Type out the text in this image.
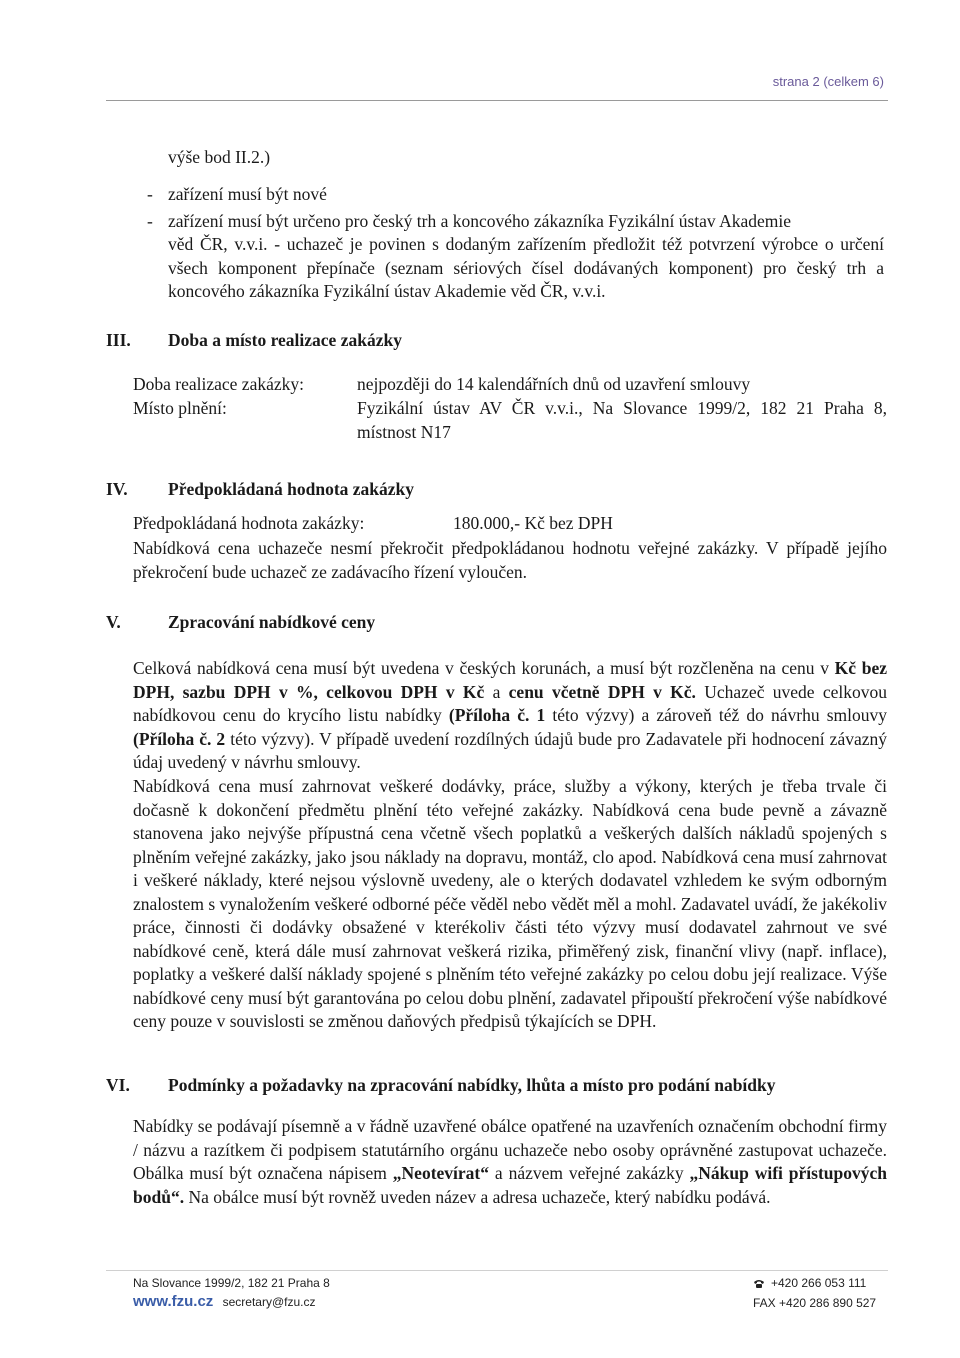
strana 2 (celkem 6)
výše bod II.2.)
- zařízení musí být nové
- zařízení musí být určeno pro český trh a koncového zákazníka Fyzikální ústav Akademie
věd ČR, v.v.i. - uchazeč je povinen s dodaným zařízením předložit též potvrzení výrobce o určení všech komponent přepínače (seznam sériových čísel dodávaných komponent) pro český trh a koncového zákazníka Fyzikální ústav Akademie věd ČR, v.v.i.
III. Doba a místo realizace zakázky
Doba realizace zakázky:	nejpozději do 14 kalendářních dnů od uzavření smlouvy
Místo plnění:	Fyzikální ústav AV ČR v.v.i., Na Slovance 1999/2, 182 21 Praha 8, místnost N17
IV. Předpokládaná hodnota zakázky
Předpokládaná hodnota zakázky:	180.000,- Kč bez DPH
Nabídková cena uchazeče nesmí překročit předpokládanou hodnotu veřejné zakázky. V případě jejího překročení bude uchazeč ze zadávacího řízení vyloučen.
V.	Zpracování nabídkové ceny
Celková nabídková cena musí být uvedena v českých korunách, a musí být rozčleněna na cenu v Kč bez DPH, sazbu DPH v %, celkovou DPH v Kč a cenu včetně DPH v Kč. Uchazeč uvede celkovou nabídkovou cenu do krycího listu nabídky (Příloha č. 1 této výzvy) a zároveň též do návrhu smlouvy (Příloha č. 2 této výzvy). V případě uvedení rozdílných údajů bude pro Zadavatele při hodnocení závazný údaj uvedený v návrhu smlouvy.
Nabídková cena musí zahrnovat veškeré dodávky, práce, služby a výkony, kterých je třeba trvale či dočasně k dokončení předmětu plnění této veřejné zakázky. Nabídková cena bude pevně a závazně stanovena jako nejvýše přípustná cena včetně všech poplatků a veškerých dalších nákladů spojených s plněním veřejné zakázky, jako jsou náklady na dopravu, montáž, clo apod. Nabídková cena musí zahrnovat i veškeré náklady, které nejsou výslovně uvedeny, ale o kterých dodavatel vzhledem ke svým odborným znalostem s vynaložením veškeré odborné péče věděl nebo vědět měl a mohl. Zadavatel uvádí, že jakékoliv práce, činnosti či dodávky obsažené v kterékoliv části této výzvy musí dodavatel zahrnout ve své nabídkové ceně, která dále musí zahrnovat veškerá rizika, přiměřený zisk, finanční vlivy (např. inflace), poplatky a veškeré další náklady spojené s plněním této veřejné zakázky po celou dobu její realizace. Výše nabídkové ceny musí být garantována po celou dobu plnění, zadavatel připouští překročení výše nabídkové ceny pouze v souvislosti se změnou daňových předpisů týkajících se DPH.
VI. Podmínky a požadavky na zpracování nabídky, lhůta a místo pro podání nabídky
Nabídky se podávají písemně a v řádně uzavřené obálce opatřené na uzavřeních označením obchodní firmy / názvu a razítkem či podpisem statutárního orgánu uchazeče nebo osoby oprávněné zastupovat uchazeče. Obálka musí být označena nápisem „Neotevírat“ a názvem veřejné zakázky „Nákup wifi přístupových bodů“. Na obálce musí být rovněž uveden název a adresa uchazeče, který nabídku podává.
Na Slovance 1999/2, 182 21 Praha 8
www.fzu.cz secretary@fzu.cz
+420 266 053 111
FAX +420 286 890 527
